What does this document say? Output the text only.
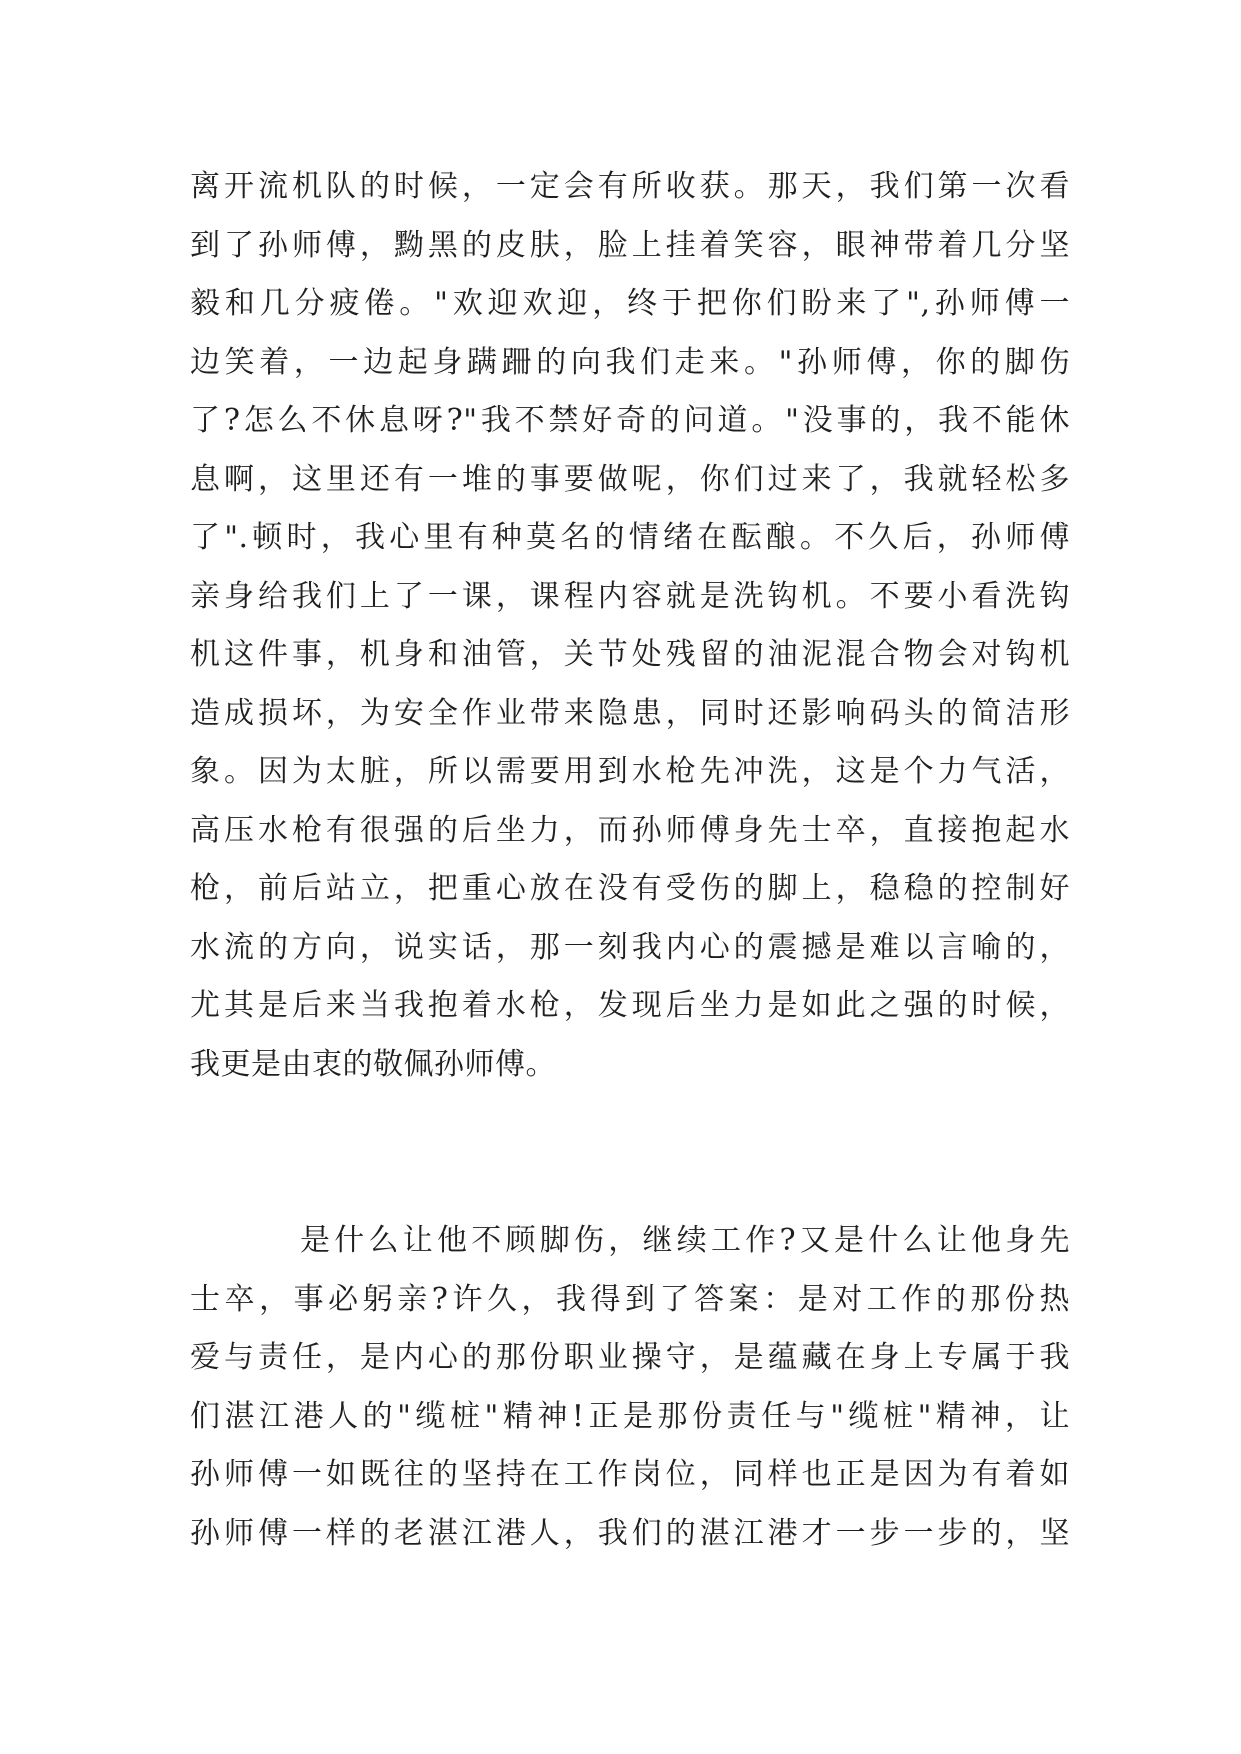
离开流机队的时候，一定会有所收获。那天，我们第一次看
到了孙师傅，黝黑的皮肤，脸上挂着笑容，眼神带着几分坚
毅和几分疲倦。"欢迎欢迎，终于把你们盼来了",孙师傅一
边笑着，一边起身蹒跚的向我们走来。"孙师傅，你的脚伤
了?怎么不休息呀?"我不禁好奇的问道。"没事的，我不能休
息啊，这里还有一堆的事要做呢，你们过来了，我就轻松多
了".顿时，我心里有种莫名的情绪在酝酿。不久后，孙师傅
亲身给我们上了一课，课程内容就是洗钩机。不要小看洗钩
机这件事，机身和油管，关节处残留的油泥混合物会对钩机
造成损坏，为安全作业带来隐患，同时还影响码头的简洁形
象。因为太脏，所以需要用到水枪先冲洗，这是个力气活，
高压水枪有很强的后坐力，而孙师傅身先士卒，直接抱起水
枪，前后站立，把重心放在没有受伤的脚上，稳稳的控制好
水流的方向，说实话，那一刻我内心的震撼是难以言喻的，
尤其是后来当我抱着水枪，发现后坐力是如此之强的时候，
我更是由衷的敬佩孙师傅。
是什么让他不顾脚伤，继续工作?又是什么让他身先
士卒，事必躬亲?许久，我得到了答案：是对工作的那份热
爱与责任，是内心的那份职业操守，是蕴藏在身上专属于我
们湛江港人的"缆桩"精神!正是那份责任与"缆桩"精神，让
孙师傅一如既往的坚持在工作岗位，同样也正是因为有着如
孙师傅一样的老湛江港人，我们的湛江港才一步一步的，坚
